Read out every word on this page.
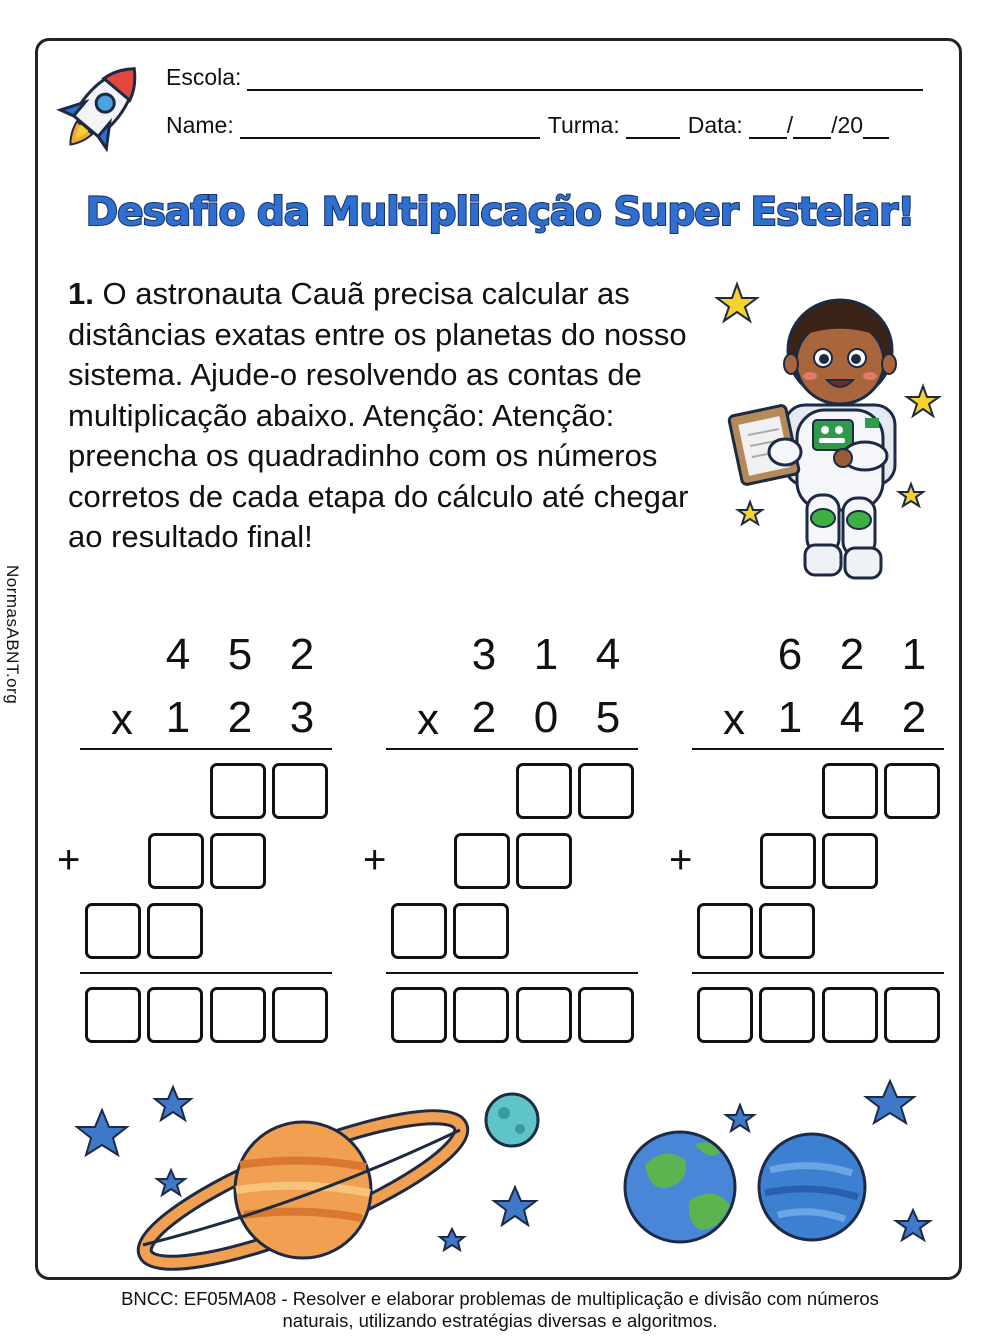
NormasABNT.org
Escola:
Name:	Turma:	Data: / /20
Desafio da Multiplicação Super Estelar!
1. O astronauta Cauã precisa calcular as distâncias exatas entre os planetas do nosso sistema. Ajude-o resolvendo as contas de multiplicação abaixo. Atenção: Atenção: preencha os quadradinho com os números corretos de cada etapa do cálculo até chegar ao resultado final!
4 5 2
x 1 2 3
+
3 1 4
x 2 0 5
+
6 2 1
x 1 4 2
+
BNCC: EF05MA08 - Resolver e elaborar problemas de multiplicação e divisão com números
naturais, utilizando estratégias diversas e algoritmos.
